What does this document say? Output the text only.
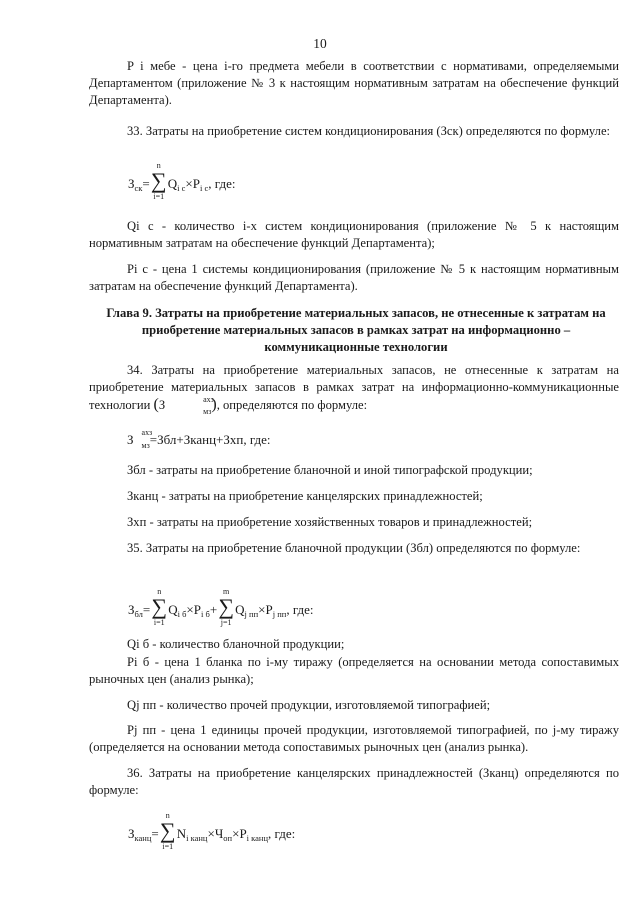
10

P i мебе - цена i-го предмета мебели в соответствии с нормативами, определяемыми Департаментом (приложение № 3 к настоящим нормативным затратам на обеспечение функций Департамента).

33. Затраты на приобретение систем кондиционирования (Зск) определяются по формуле:

Зск=∑
n
i=1
Qi с×Pi с, где:

Qi с - количество i-х систем кондиционирования (приложение № 5 к настоящим нормативным затратам на обеспечение функций Департамента);

Pi с - цена 1 системы кондиционирования (приложение № 5 к настоящим нормативным затратам на обеспечение функций Департамента).

Глава 9. Затраты на приобретение материальных запасов, не отнесенные к затратам на приобретение материальных запасов в рамках затрат на информационно – коммуникационные технологии

34. Затраты на приобретение материальных запасов, не отнесенные к затратам на приобретение материальных запасов в рамках затрат на информационно-коммуникационные технологии (З	ахз
мз), определяются по формуле:

З ахз
мз=Збл+Зканц+Зхп, где:

Збл - затраты на приобретение бланочной и иной типографской продукции;

Зканц - затраты на приобретение канцелярских принадлежностей;

Зхп - затраты на приобретение хозяйственных товаров и принадлежностей;

35. Затраты на приобретение бланочной продукции (Збл) определяются по формуле:

Збл=∑
n
i=1
Qi б×Pi б+∑
m
j=1
Qj пп×Pj пп, где:

Qi б - количество бланочной продукции;

Pi б - цена 1 бланка по i-му тиражу (определяется на основании метода сопоставимых рыночных цен (анализ рынка);

Qj пп - количество прочей продукции, изготовляемой типографией;

Pj пп - цена 1 единицы прочей продукции, изготовляемой типографией, по j-му тиражу (определяется на основании метода сопоставимых рыночных цен (анализ рынка).

36. Затраты на приобретение канцелярских принадлежностей (Зканц) определяются по формуле:

Зканц=∑
n
i=1
Ni канц×Чоп×Pi канц, где:
